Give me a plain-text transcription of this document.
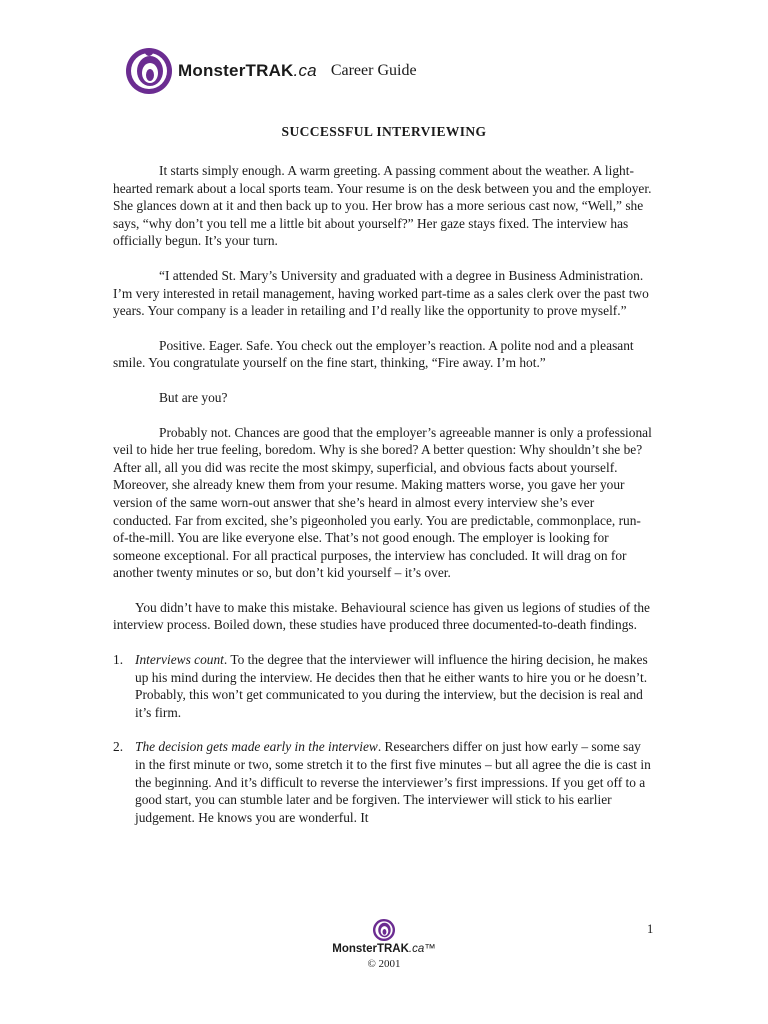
MonsterTRAK.ca Career Guide
SUCCESSFUL INTERVIEWING

It starts simply enough. A warm greeting. A passing comment about the weather. A light-hearted remark about a local sports team. Your resume is on the desk between you and the employer. She glances down at it and then back up to you. Her brow has a more serious cast now, “Well,” she says, “why don’t you tell me a little bit about yourself?” Her gaze stays fixed. The interview has officially begun. It’s your turn.

“I attended St. Mary’s University and graduated with a degree in Business Administration. I’m very interested in retail management, having worked part-time as a sales clerk over the past two years. Your company is a leader in retailing and I’d really like the opportunity to prove myself.”

Positive. Eager. Safe. You check out the employer’s reaction. A polite nod and a pleasant smile. You congratulate yourself on the fine start, thinking, “Fire away. I’m hot.”

But are you?

Probably not. Chances are good that the employer’s agreeable manner is only a professional veil to hide her true feeling, boredom. Why is she bored? A better question: Why shouldn’t she be? After all, all you did was recite the most skimpy, superficial, and obvious facts about yourself. Moreover, she already knew them from your resume. Making matters worse, you gave her your version of the same worn-out answer that she’s heard in almost every interview she’s ever conducted. Far from excited, she’s pigeonholed you early. You are predictable, commonplace, run-of-the-mill. You are like everyone else. That’s not good enough. The employer is looking for someone exceptional. For all practical purposes, the interview has concluded. It will drag on for another twenty minutes or so, but don’t kid yourself – it’s over.

You didn’t have to make this mistake. Behavioural science has given us legions of studies of the interview process. Boiled down, these studies have produced three documented-to-death findings.

1. Interviews count. To the degree that the interviewer will influence the hiring decision, he makes up his mind during the interview. He decides then that he either wants to hire you or he doesn’t. Probably, this won’t get communicated to you during the interview, but the decision is real and it’s firm.
2. The decision gets made early in the interview. Researchers differ on just how early – some say in the first minute or two, some stretch it to the first five minutes – but all agree the die is cast in the beginning. And it’s difficult to reverse the interviewer’s first impressions. If you get off to a good start, you can stumble later and be forgiven. The interviewer will stick to his earlier judgement. He knows you are wonderful. It
1
MonsterTRAK.ca™
© 2001
